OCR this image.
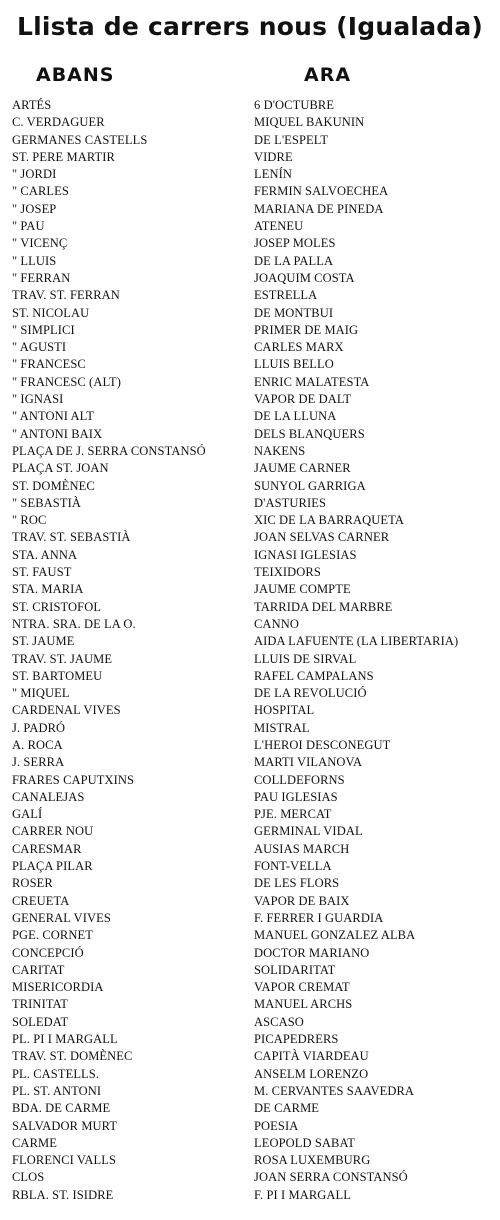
Llista de carrers nous (Igualada)
ABANS	ARA
ARTÉS
C. VERDAGUER
GERMANES CASTELLS
ST. PERE MARTIR
" JORDI
" CARLES
" JOSEP
" PAU
" VICENÇ
" LLUIS
" FERRAN
TRAV. ST. FERRAN
ST. NICOLAU
" SIMPLICI
" AGUSTI
" FRANCESC
" FRANCESC (ALT)
" IGNASI
" ANTONI ALT
" ANTONI BAIX
PLAÇA DE J. SERRA CONSTANSÓ
PLAÇA ST. JOAN
ST. DOMÈNEC
" SEBASTIÀ
" ROC
TRAV. ST. SEBASTIÀ
STA. ANNA
ST. FAUST
STA. MARIA
ST. CRISTOFOL
NTRA. SRA. DE LA O.
ST. JAUME
TRAV. ST. JAUME
ST. BARTOMEU
" MIQUEL
CARDENAL VIVES
J. PADRÓ
A. ROCA
J. SERRA
FRARES CAPUTXINS
CANALEJAS
GALÍ
CARRER NOU
CARESMAR
PLAÇA PILAR
ROSER
CREUETA
GENERAL VIVES
PGE. CORNET
CONCEPCIÓ
CARITAT
MISERICORDIA
TRINITAT
SOLEDAT
PL. PI I MARGALL
TRAV. ST. DOMÈNEC
PL. CASTELLS.
PL. ST. ANTONI
BDA. DE CARME
SALVADOR MURT
CARME
FLORENCI VALLS
CLOS
RBLA. ST. ISIDRE
6 D'OCTUBRE
MIQUEL BAKUNIN
DE L'ESPELT
VIDRE
LENÍN
FERMIN SALVOECHEA
MARIANA DE PINEDA
ATENEU
JOSEP MOLES
DE LA PALLA
JOAQUIM COSTA
ESTRELLA
DE MONTBUI
PRIMER DE MAIG
CARLES MARX
LLUIS BELLO
ENRIC MALATESTA
VAPOR DE DALT
DE LA LLUNA
DELS BLANQUERS
NAKENS
JAUME CARNER
SUNYOL GARRIGA
D'ASTURIES
XIC DE LA BARRAQUETA
JOAN SELVAS CARNER
IGNASI IGLESIAS
TEIXIDORS
JAUME COMPTE
TARRIDA DEL MARBRE
CANNO
AIDA LAFUENTE (LA LIBERTARIA)
LLUIS DE SIRVAL
RAFEL CAMPALANS
DE LA REVOLUCIÓ
HOSPITAL
MISTRAL
L'HEROI DESCONEGUT
MARTI VILANOVA
COLLDEFORNS
PAU IGLESIAS
PJE. MERCAT
GERMINAL VIDAL
AUSIAS MARCH
FONT-VELLA
DE LES FLORS
VAPOR DE BAIX
F. FERRER I GUARDIA
MANUEL GONZALEZ ALBA
DOCTOR MARIANO
SOLIDARITAT
VAPOR CREMAT
MANUEL ARCHS
ASCASO
PICAPEDRERS
CAPITÀ VIARDEAU
ANSELM LORENZO
M. CERVANTES SAAVEDRA
DE CARME
POESIA
LEOPOLD SABAT
ROSA LUXEMBURG
JOAN SERRA CONSTANSÓ
F. PI I MARGALL
